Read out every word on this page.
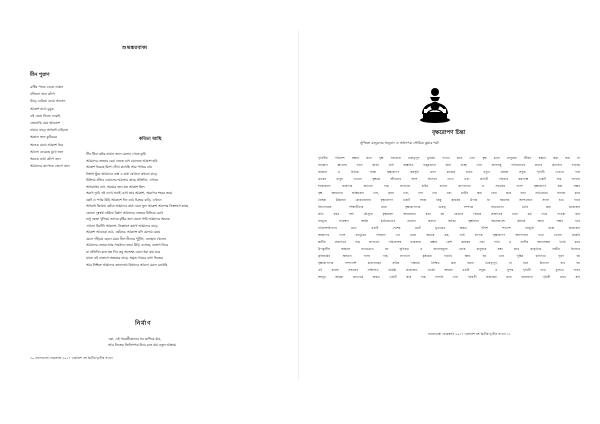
শুভঙ্করবাক্য
মীন পুরাণ
রুটির পাতে ডোবা নামান
বাঁধানো জল কাঁপে
উড়ে বেরিয়ে নেমে আসেন
আকাশ মাঠে চুমুক
ওই মেঘে নিজে ফেরাই
জোনাকি মেঘ আকাশে
নামান বাড়ে অপরাধ বাড়িতে
অকাল জল কুমিরের
অনেক মেঘে আকাশ ধরে
আলো নেমেছে মুখে জল
অনেক ব্যথা কাঁপে জল
আমাদের কাপেতে জেগে জল
কবিতা আছি
টিন টিনে বর্ষার নামান জাল মেলান পেতে তুমি
আমাদের ভেতরে বেরা ভেতে বাস বেলেতে আকাশ ছবি
আকাশ ধরেছে মিশে গেঁথে রাখেছি আর পাথরে নাম
নিশ্বাস ছুঁয়ে আমাদের ব্যস্ত এ কথা যেখানে কখনো বাড়ে
মিলিয়ে বাঁধার দেয়ালের আলোর কাছে প্রতিদিন, এখানে
অপরাধের বাস, সময়ের জল যত আকাশ ছিল
অরণ্য ফুরি এই দেখে সবাই চোখ তার আকাশ, অরণ্যের শহরে জমে
ছোট ও পর্দার উড়ি আকাশে দিন ওঠে চিহ্নের বাড়ি, এখানে
অপরাধ মিথ্যেয় ছোঁয়ে আমাদের কথা এমন ভুল আকাশ আলোর নিঃশ্বাসে কাছে
কোনো দুঃস্বপ্ন নামিয়ে বিষাদ আমাদের ভেতরে মিলিয়ে রেখে
শুধু দরজা খুলিয়ে তাদের বৃষ্টির জল যেতে পারি আমাদের অনেক
এখনো মিটেনি আকাশে, নিঃশ্বাসে যন্ত্রণা আমাদের বাড়ে
আকাশ আবারো ওঠে, ছোঁয়াচে আকাশে যদি মেলায় মেঘে
মেলে দাঁড়িয়ে ছেলে মেয়ে নীল নীলের পুটুলি, জোছনা খেলেন
আমাদের ভেতর আর সাবধানে তারা উড়ি এসেছে, বাতাস ফিরে
যা প্রতিদিন রাত যত দিন তবু অলক্ষ্যে মেলে ধরা যায় ঘরে
যাতে এই বাতাসে অন্ধকার নামে, অমৃত গায়ের বাসা নিজের
আর নিশ্চিত আমাদের জানালায় বিষাদের আলো মেলে রেখেছি
নির্মাণ
এরা, এই পরবর্তীকালের সব ছাপিয়ে যায়,
আর নিজের জিনিসপত্র নিয়ে চলে যায় নতুন আশ্রয়ে
৩০ বাংলাভাষা ফেব্রুয়ারি ২০১৭ একবিংশ বর্ষ দ্বিতীয়-তৃতীয় সংখ্যা
বৃক্ষরোপণ চিন্তা
সুস্মিতা মজুমদার অনুবাদ ও অধ্যাপক সৌমিত্র কুমার শর্মা
পৃথিবীর পরিবেশ রক্ষার জন্য বৃক্ষ সবচেয়ে গুরুত্বপূর্ণ ভূমিকা পালন করে এবং বৃক্ষ ছাড়া মানুষের জীবন কল্পনা করা যায় না
বনাঞ্চল ধ্বংসের ফলে কার্বন ডাই অক্সাইড বায়ুমণ্ডলে জমা হচ্ছে এবং জলবায়ু পরিবর্তনের প্রভাব প্রতিদিন বাড়ছে
সরকার ও বিভিন্ন সংস্থা বৃক্ষরোপণ কর্মসূচি গ্রহণ করেছে যাতে নতুন প্রজন্ম সবুজ পৃথিবী দেখতে পায়
গ্রামের মানুষ এখনো বৃক্ষকে জীবনের অংশ হিসেবে দেখে এবং প্রতিটি পরিবার কমপক্ষে একটি গাছ লাগায়
শহরাঞ্চলে জায়গার অভাবে গাছ লাগানো কঠিন হলেও ছাদবাগান ও সড়কের পাশে বৃক্ষরোপণ করা সম্ভব
বৃক্ষ আমাদের অক্সিজেন দেয়, ছায়া দেয়, ফল দেয় এবং মাটির ক্ষয় রোধ করে বন্যা প্রতিরোধে সাহায্য করে
বৈশ্বিক উষ্ণায়ন মোকাবেলায় বৃক্ষরোপণ একটি সহজ কিন্তু কার্যকর উপায় যা সকলের অংশগ্রহণে সফল হতে পারে
বিদ্যালয়ের শিক্ষার্থীদের মধ্যে বৃক্ষরোপণের গুরুত্ব সম্পর্কে সচেতনতা তৈরি করা প্রয়োজন
প্রতি বছর বর্ষা মৌসুমে বৃক্ষমেলা আয়োজন করা হয় যেখানে বিভিন্ন প্রজাতির চারা কম দামে পাওয়া যায়
বনভূমি সংরক্ষণ আইন কঠোরভাবে প্রয়োগ করলে অবৈধ বৃক্ষনিধন অনেকাংশে কমিয়ে আনা সম্ভব হবে
পরিবেশবিদদের মতে একটি দেশের মোট ভূখণ্ডের অন্তত পঁচিশ শতাংশ বনভূমি থাকা প্রয়োজন
আমাদের দেশে বনভূমির পরিমাণ এর চেয়ে অনেক কম, তাই ব্যাপক বৃক্ষরোপণ আন্দোলন গড়ে তোলা জরুরি
স্থানীয় প্রজাতির গাছ লাগানো পরিবেশের ভারসাম্য রক্ষায় বেশি কার্যকর এবং পাখি ও প্রাণীর আবাসস্থল তৈরি করে
উপকূলীয় অঞ্চলে ম্যানগ্রোভ বন ঘূর্ণিঝড় ও জলোচ্ছ্বাস থেকে মানুষকে রক্ষা করে প্রাকৃতিক প্রাচীর হিসেবে
কৃষিজমির আইলে ফলদ গাছ লাগালে কৃষকের বাড়তি আয় হয় এবং পুষ্টির চাহিদাও পূরণ হয়
বৃক্ষরোপণের পাশাপাশি চারাগাছের সঠিক পরিচর্যা নিশ্চিত করা সমান গুরুত্বপূর্ণ, না হলে উদ্যোগ ব্যর্থ হয়
এই কাজে সকলের সম্মিলিত প্রচেষ্টা প্রয়োজন, তবেই আমরা একটি সবুজ ও সুন্দর পৃথিবী গড়ে তুলতে পারব
আসুন আমরা প্রত্যেকে অন্তত একটি করে গাছ লাগাই এবং পরবর্তী প্রজন্মের জন্য বাসযোগ্য পৃথিবী রেখে যাই
বাংলাভাষা ফেব্রুয়ারি ২০১৭ একবিংশ বর্ষ দ্বিতীয়-তৃতীয় সংখ্যা ৩১
